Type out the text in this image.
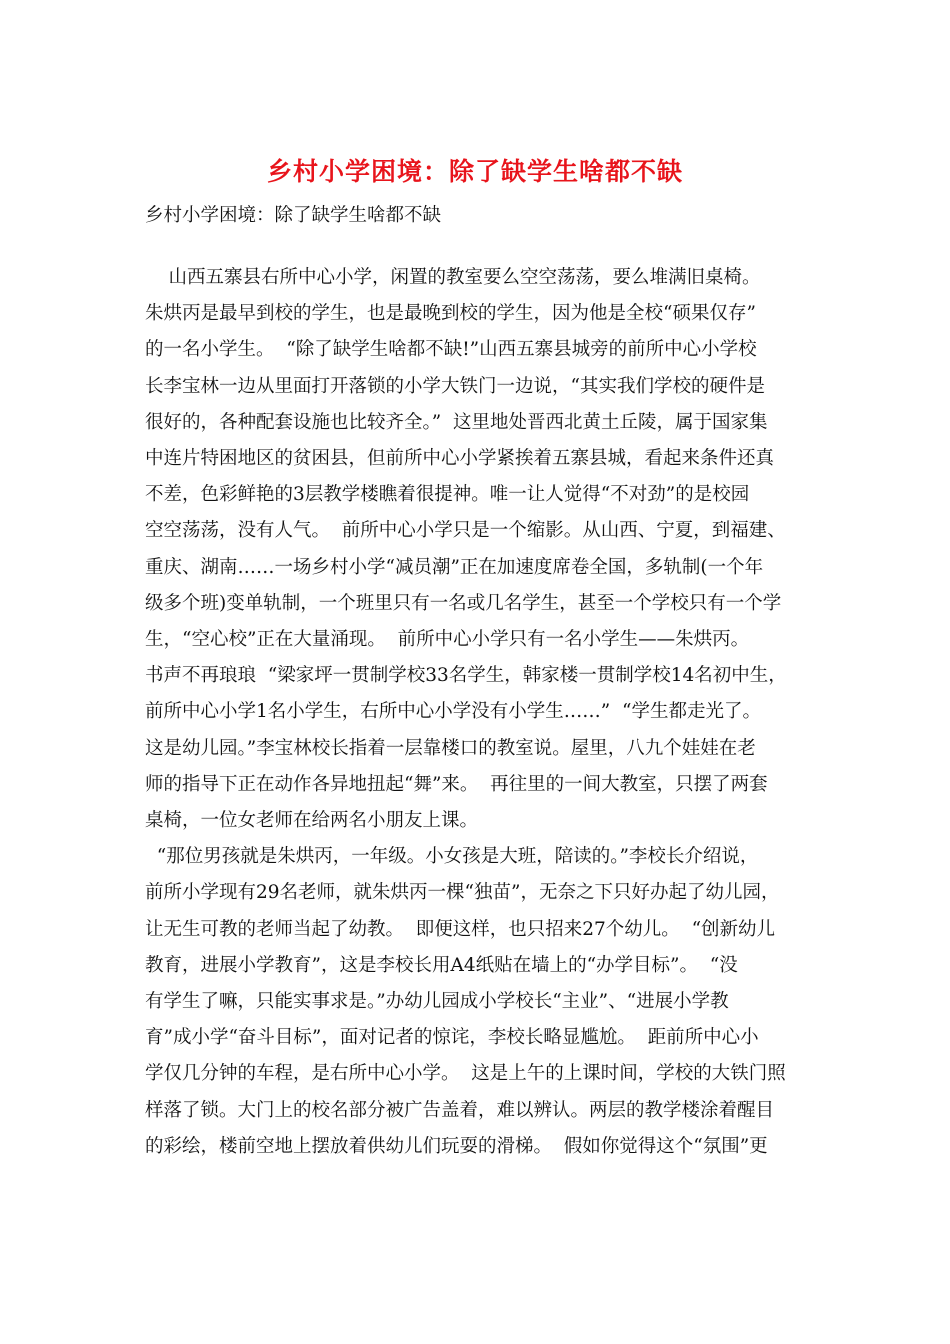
乡村小学困境：除了缺学生啥都不缺
乡村小学困境：除了缺学生啥都不缺
山西五寨县右所中心小学，闲置的教室要么空空荡荡，要么堆满旧桌椅。
朱烘丙是最早到校的学生，也是最晚到校的学生，因为他是全校“硕果仅存”
的一名小学生。  “除了缺学生啥都不缺!”山西五寨县城旁的前所中心小学校
长李宝林一边从里面打开落锁的小学大铁门一边说，“其实我们学校的硬件是
很好的，各种配套设施也比较齐全。”  这里地处晋西北黄土丘陵，属于国家集
中连片特困地区的贫困县，但前所中心小学紧挨着五寨县城，看起来条件还真
不差，色彩鲜艳的3层教学楼瞧着很提神。唯一让人觉得“不对劲”的是校园
空空荡荡，没有人气。  前所中心小学只是一个缩影。从山西、宁夏，到福建、
重庆、湖南……一场乡村小学“减员潮”正在加速度席卷全国，多轨制(一个年
级多个班)变单轨制，一个班里只有一名或几名学生，甚至一个学校只有一个学
生，“空心校”正在大量涌现。  前所中心小学只有一名小学生——朱烘丙。
书声不再琅琅  “梁家坪一贯制学校33名学生，韩家楼一贯制学校14名初中生，
前所中心小学1名小学生，右所中心小学没有小学生……”  “学生都走光了。
这是幼儿园。”李宝林校长指着一层靠楼口的教室说。屋里，八九个娃娃在老
师的指导下正在动作各异地扭起“舞”来。  再往里的一间大教室，只摆了两套
桌椅，一位女老师在给两名小朋友上课。
“那位男孩就是朱烘丙，一年级。小女孩是大班，陪读的。”李校长介绍说，
前所小学现有29名老师，就朱烘丙一棵“独苗”，无奈之下只好办起了幼儿园，
让无生可教的老师当起了幼教。  即便这样，也只招来27个幼儿。  “创新幼儿
教育，进展小学教育”，这是李校长用A4纸贴在墙上的“办学目标”。  “没
有学生了嘛，只能实事求是。”办幼儿园成小学校长“主业”、“进展小学教
育”成小学“奋斗目标”，面对记者的惊诧，李校长略显尴尬。  距前所中心小
学仅几分钟的车程，是右所中心小学。  这是上午的上课时间，学校的大铁门照
样落了锁。大门上的校名部分被广告盖着，难以辨认。两层的教学楼涂着醒目
的彩绘，楼前空地上摆放着供幼儿们玩耍的滑梯。  假如你觉得这个“氛围”更
